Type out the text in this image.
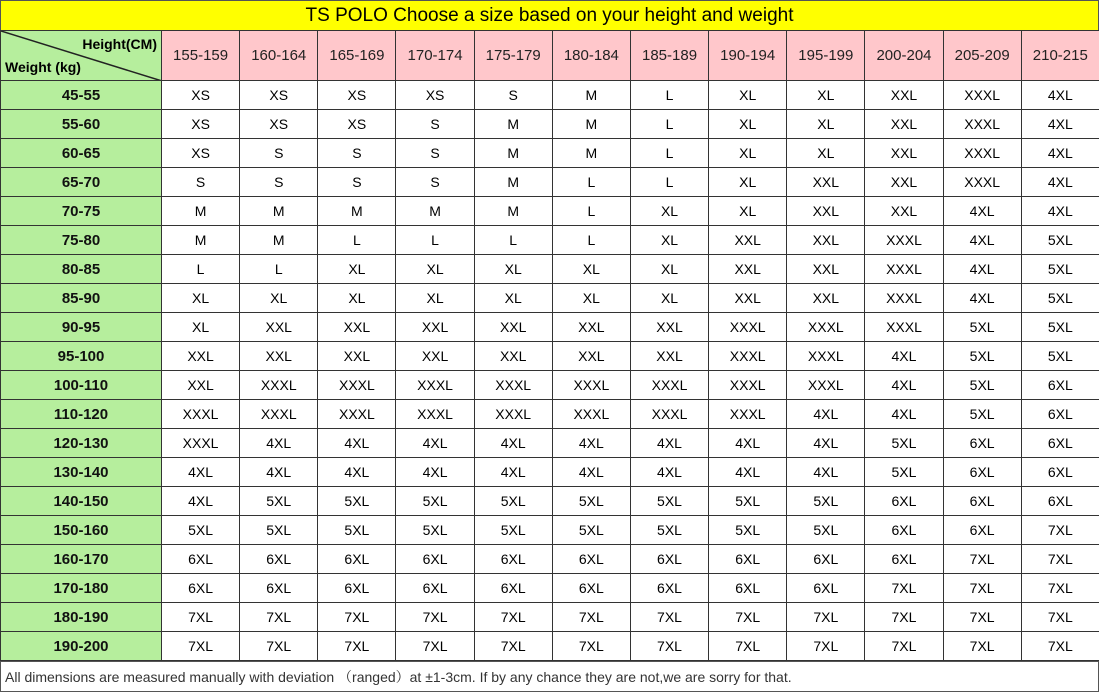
TS POLO Choose a size based on your height and weight
Height(CM)
Weight (kg)	155-159	160-164	165-169	170-174	175-179	180-184	185-189	190-194	195-199	200-204	205-209	210-215
45-55	XS	XS	XS	XS	S	M	L	XL	XL	XXL	XXXL	4XL
55-60	XS	XS	XS	S	M	M	L	XL	XL	XXL	XXXL	4XL
60-65	XS	S	S	S	M	M	L	XL	XL	XXL	XXXL	4XL
65-70	S	S	S	S	M	L	L	XL	XXL	XXL	XXXL	4XL
70-75	M	M	M	M	M	L	XL	XL	XXL	XXL	4XL	4XL
75-80	M	M	L	L	L	L	XL	XXL	XXL	XXXL	4XL	5XL
80-85	L	L	XL	XL	XL	XL	XL	XXL	XXL	XXXL	4XL	5XL
85-90	XL	XL	XL	XL	XL	XL	XL	XXL	XXL	XXXL	4XL	5XL
90-95	XL	XXL	XXL	XXL	XXL	XXL	XXL	XXXL	XXXL	XXXL	5XL	5XL
95-100	XXL	XXL	XXL	XXL	XXL	XXL	XXL	XXXL	XXXL	4XL	5XL	5XL
100-110	XXL	XXXL	XXXL	XXXL	XXXL	XXXL	XXXL	XXXL	XXXL	4XL	5XL	6XL
110-120	XXXL	XXXL	XXXL	XXXL	XXXL	XXXL	XXXL	XXXL	4XL	4XL	5XL	6XL
120-130	XXXL	4XL	4XL	4XL	4XL	4XL	4XL	4XL	4XL	5XL	6XL	6XL
130-140	4XL	4XL	4XL	4XL	4XL	4XL	4XL	4XL	4XL	5XL	6XL	6XL
140-150	4XL	5XL	5XL	5XL	5XL	5XL	5XL	5XL	5XL	6XL	6XL	6XL
150-160	5XL	5XL	5XL	5XL	5XL	5XL	5XL	5XL	5XL	6XL	6XL	7XL
160-170	6XL	6XL	6XL	6XL	6XL	6XL	6XL	6XL	6XL	6XL	7XL	7XL
170-180	6XL	6XL	6XL	6XL	6XL	6XL	6XL	6XL	6XL	7XL	7XL	7XL
180-190	7XL	7XL	7XL	7XL	7XL	7XL	7XL	7XL	7XL	7XL	7XL	7XL
190-200	7XL	7XL	7XL	7XL	7XL	7XL	7XL	7XL	7XL	7XL	7XL	7XL
All dimensions are measured manually with deviation （ranged）at ±1-3cm. If by any chance they are not,we are sorry for that.
